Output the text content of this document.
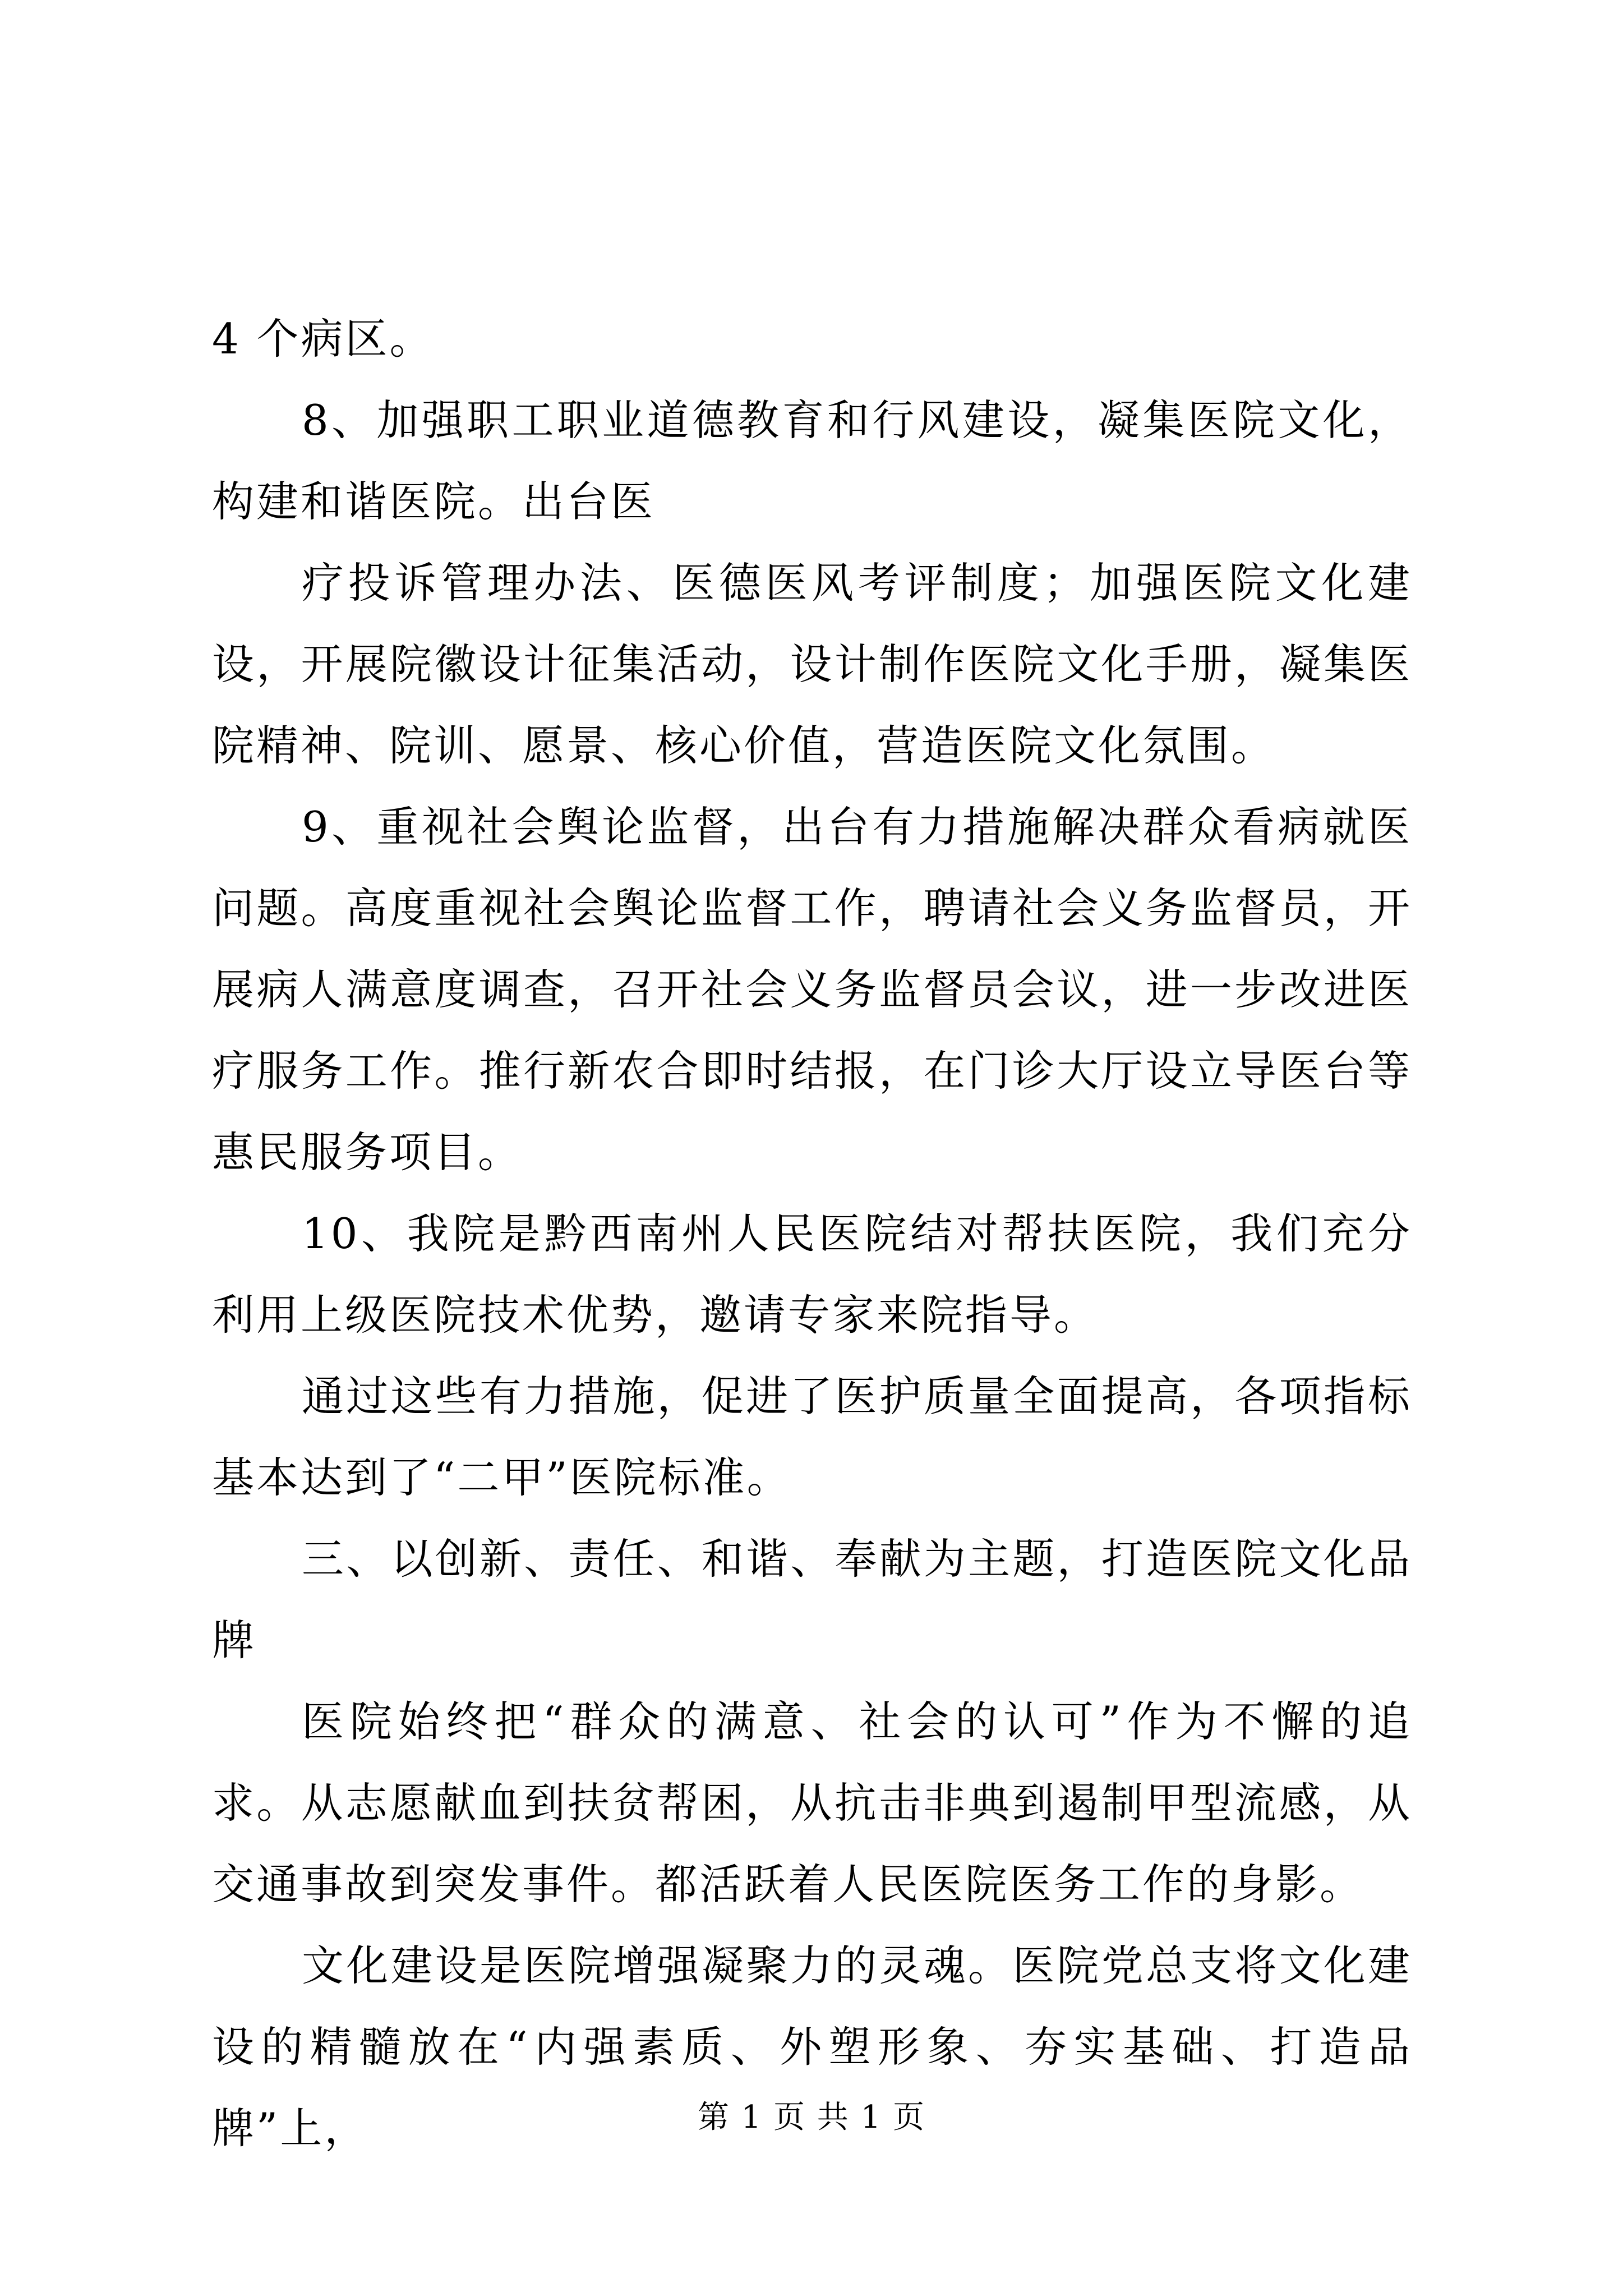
4 个病区。

8、加强职工职业道德教育和行风建设，凝集医院文化，构建和谐医院。出台医

疗投诉管理办法、医德医风考评制度；加强医院文化建设，开展院徽设计征集活动，设计制作医院文化手册，凝集医院精神、院训、愿景、核心价值，营造医院文化氛围。

9、重视社会舆论监督，出台有力措施解决群众看病就医问题。高度重视社会舆论监督工作，聘请社会义务监督员，开展病人满意度调查，召开社会义务监督员会议，进一步改进医疗服务工作。推行新农合即时结报，在门诊大厅设立导医台等惠民服务项目。

10、我院是黔西南州人民医院结对帮扶医院，我们充分利用上级医院技术优势，邀请专家来院指导。

通过这些有力措施，促进了医护质量全面提高，各项指标基本达到了“二甲”医院标准。

三、以创新、责任、和谐、奉献为主题，打造医院文化品牌

医院始终把“群众的满意、社会的认可”作为不懈的追求。从志愿献血到扶贫帮困，从抗击非典到遏制甲型流感，从交通事故到突发事件。都活跃着人民医院医务工作的身影。

文化建设是医院增强凝聚力的灵魂。医院党总支将文化建设的精髓放在“内强素质、外塑形象、夯实基础、打造品牌”上，	第 1 页 共 1 页
